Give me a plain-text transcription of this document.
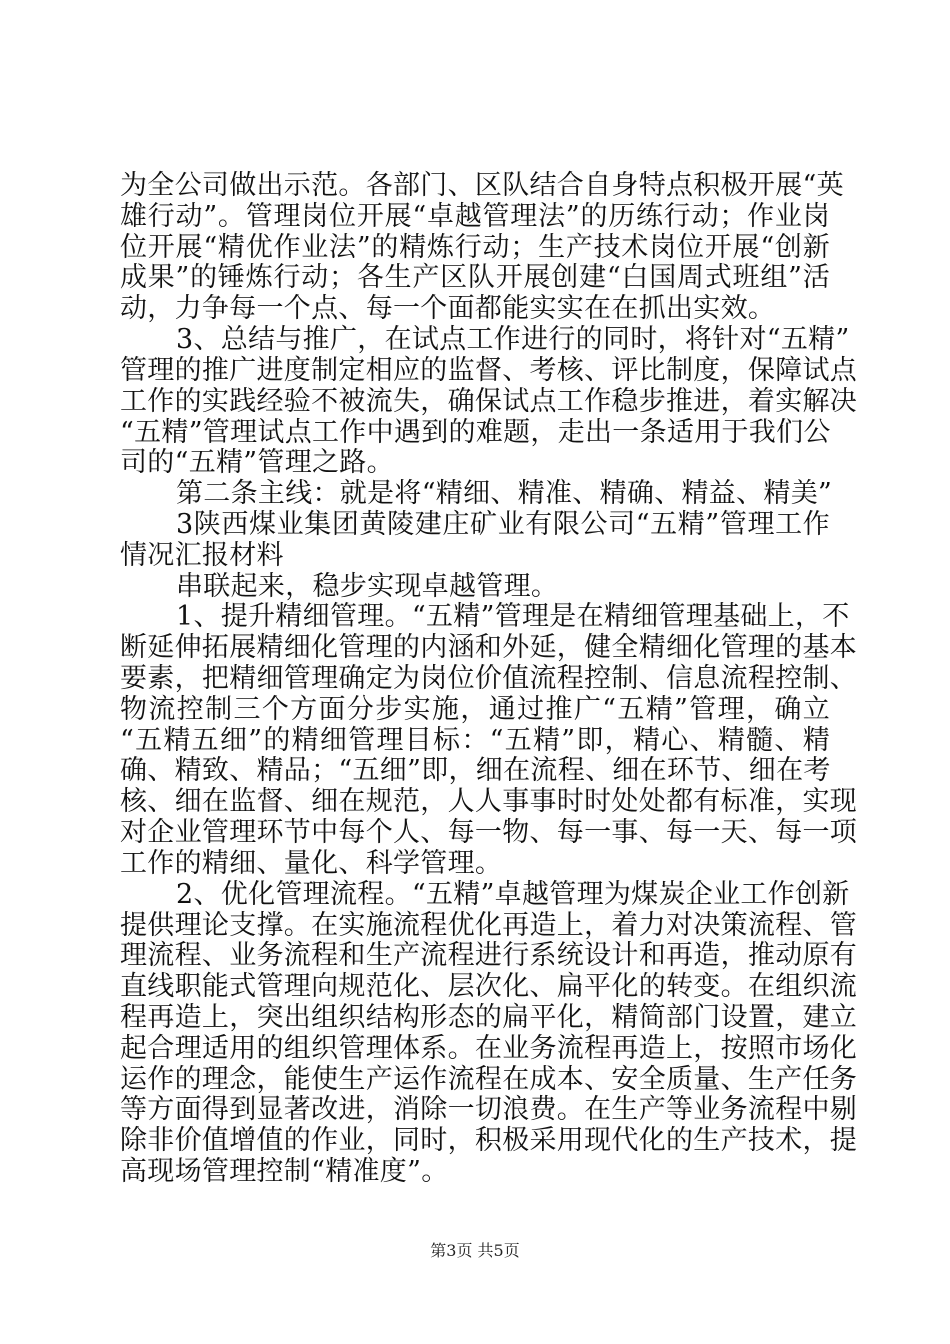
为全公司做出示范。各部门、区队结合自身特点积极开展“英
雄行动”。管理岗位开展“卓越管理法”的历练行动；作业岗
位开展“精优作业法”的精炼行动；生产技术岗位开展“创新
成果”的锤炼行动；各生产区队开展创建“白国周式班组”活
动，力争每一个点、每一个面都能实实在在抓出实效。
3、总结与推广，在试点工作进行的同时，将针对“五精”
管理的推广进度制定相应的监督、考核、评比制度，保障试点
工作的实践经验不被流失，确保试点工作稳步推进，着实解决
“五精”管理试点工作中遇到的难题，走出一条适用于我们公
司的“五精”管理之路。
第二条主线：就是将“精细、精准、精确、精益、精美”
3陕西煤业集团黄陵建庄矿业有限公司“五精”管理工作
情况汇报材料
串联起来，稳步实现卓越管理。
1、提升精细管理。“五精”管理是在精细管理基础上，不
断延伸拓展精细化管理的内涵和外延，健全精细化管理的基本
要素，把精细管理确定为岗位价值流程控制、信息流程控制、
物流控制三个方面分步实施，通过推广“五精”管理，确立
“五精五细”的精细管理目标：“五精”即，精心、精髓、精
确、精致、精品；“五细”即，细在流程、细在环节、细在考
核、细在监督、细在规范，人人事事时时处处都有标准，实现
对企业管理环节中每个人、每一物、每一事、每一天、每一项
工作的精细、量化、科学管理。
2、优化管理流程。“五精”卓越管理为煤炭企业工作创新
提供理论支撑。在实施流程优化再造上，着力对决策流程、管
理流程、业务流程和生产流程进行系统设计和再造，推动原有
直线职能式管理向规范化、层次化、扁平化的转变。在组织流
程再造上，突出组织结构形态的扁平化，精简部门设置，建立
起合理适用的组织管理体系。在业务流程再造上，按照市场化
运作的理念，能使生产运作流程在成本、安全质量、生产任务
等方面得到显著改进，消除一切浪费。在生产等业务流程中剔
除非价值增值的作业，同时，积极采用现代化的生产技术，提
高现场管理控制“精准度”。
第3页 共5页
